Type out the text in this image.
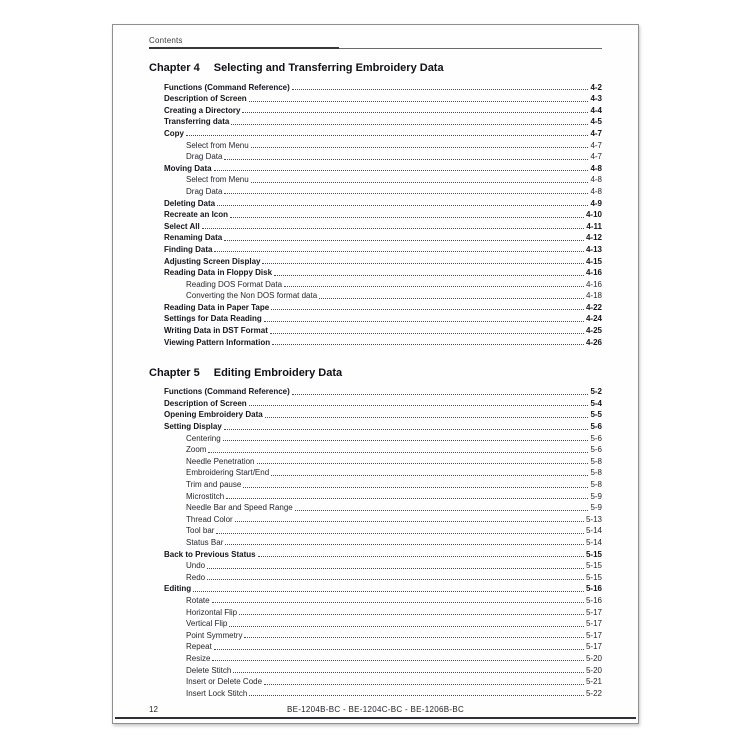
Contents
Chapter 4 Selecting and Transferring Embroidery Data
Functions (Command Reference)	4-2
Description of Screen	4-3
Creating a Directory	4-4
Transferring data	4-5
Copy	4-7
Select from Menu	4-7
Drag Data	4-7
Moving Data	4-8
Select from Menu	4-8
Drag Data	4-8
Deleting Data	4-9
Recreate an Icon	4-10
Select All	4-11
Renaming Data	4-12
Finding Data	4-13
Adjusting Screen Display	4-15
Reading Data in Floppy Disk	4-16
Reading DOS Format Data	4-16
Converting the Non DOS format data	4-18
Reading Data in Paper Tape	4-22
Settings for Data Reading	4-24
Writing Data in DST Format	4-25
Viewing Pattern Information	4-26
Chapter 5 Editing Embroidery Data
Functions (Command Reference)	5-2
Description of Screen	5-4
Opening Embroidery Data	5-5
Setting Display	5-6
Centering	5-6
Zoom	5-6
Needle Penetration	5-8
Embroidering Start/End	5-8
Trim and pause	5-8
Microstitch	5-9
Needle Bar and Speed Range	5-9
Thread Color	5-13
Tool bar	5-14
Status Bar	5-14
Back to Previous Status	5-15
Undo	5-15
Redo	5-15
Editing	5-16
Rotate	5-16
Horizontal Flip	5-17
Vertical Flip	5-17
Point Symmetry	5-17
Repeat	5-17
Resize	5-20
Delete Stitch	5-20
Insert or Delete Code	5-21
Insert Lock Stitch	5-22
12	BE-1204B-BC - BE-1204C-BC - BE-1206B-BC
